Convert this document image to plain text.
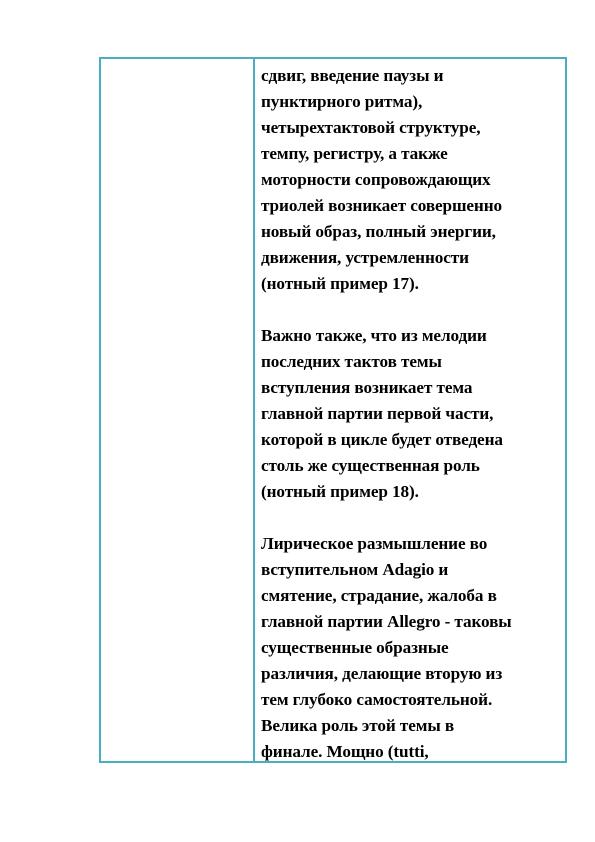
сдвиг, введение паузы и
пунктирного ритма),
четырехтактовой структуре,
темпу, регистру, а также
моторности сопровождающих
триолей возникает совершенно
новый образ, полный энергии,
движения, устремленности
(нотный пример 17).

Важно также, что из мелодии
последних тактов темы
вступления возникает тема
главной партии первой части,
которой в цикле будет отведена
столь же существенная роль
(нотный пример 18).

Лирическое размышление во
вступительном Adagio и
смятение, страдание, жалоба в
главной партии Allegro - таковы
существенные образные
различия, делающие вторую из
тем глубоко самостоятельной.
Велика роль этой темы в
финале. Мощно (tutti,
